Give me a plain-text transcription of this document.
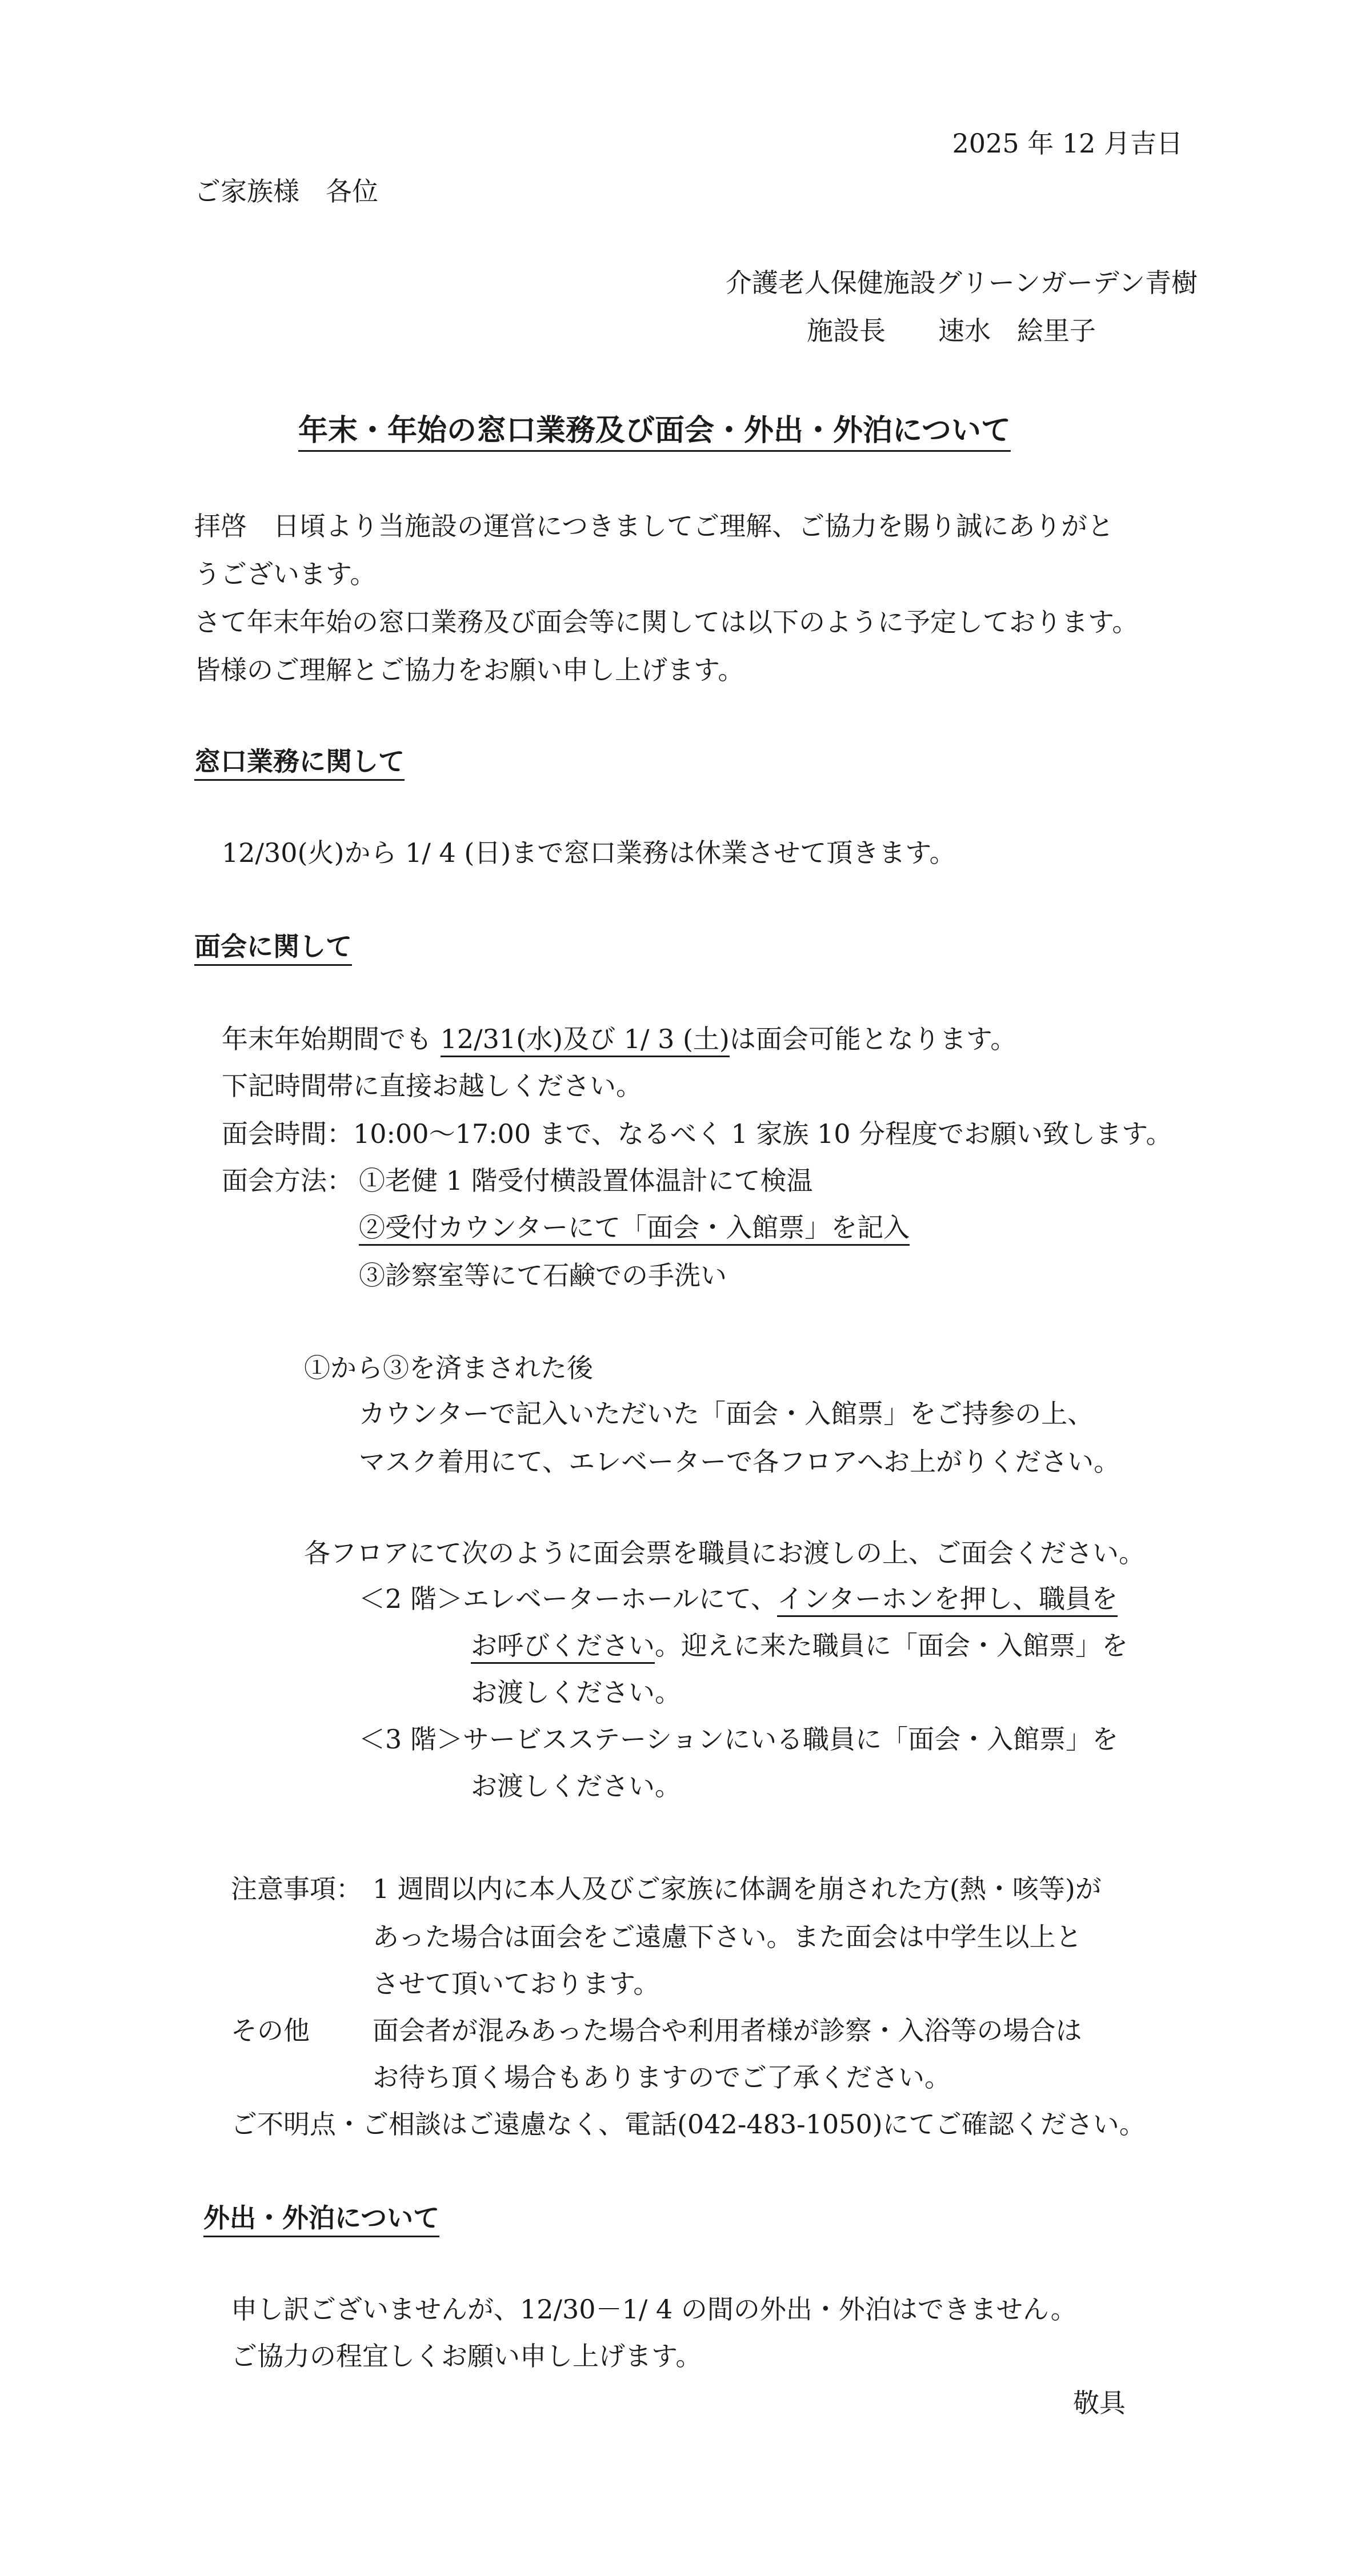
2025 年 12 月吉日
ご家族様　各位
介護老人保健施設グリーンガーデン青樹
施設長　　速水　絵里子
年末・年始の窓口業務及び面会・外出・外泊について
拝啓　日頃より当施設の運営につきましてご理解、ご協力を賜り誠にありがと
うございます。
さて年末年始の窓口業務及び面会等に関しては以下のように予定しております。
皆様のご理解とご協力をお願い申し上げます。
窓口業務に関して
12/30(火)から 1/ 4 (日)まで窓口業務は休業させて頂きます。
面会に関して
年末年始期間でも 12/31(水)及び 1/ 3 (土)は面会可能となります。
下記時間帯に直接お越しください。
面会時間：10:00～17:00 まで、なるべく 1 家族 10 分程度でお願い致します。
面会方法： ①老健 1 階受付横設置体温計にて検温
②受付カウンターにて「面会・入館票」を記入
③診察室等にて石鹸での手洗い
①から③を済まされた後
カウンターで記入いただいた「面会・入館票」をご持参の上、
マスク着用にて、エレベーターで各フロアへお上がりください。
各フロアにて次のように面会票を職員にお渡しの上、ご面会ください。
＜2 階＞エレベーターホールにて、インターホンを押し、職員を
お呼びください。迎えに来た職員に「面会・入館票」を
お渡しください。
＜3 階＞サービスステーションにいる職員に「面会・入館票」を
お渡しください。
注意事項： 1 週間以内に本人及びご家族に体調を崩された方(熱・咳等)が
あった場合は面会をご遠慮下さい。また面会は中学生以上と
させて頂いております。
その他 面会者が混みあった場合や利用者様が診察・入浴等の場合は
お待ち頂く場合もありますのでご了承ください。
ご不明点・ご相談はご遠慮なく、電話(042-483-1050)にてご確認ください。
外出・外泊について
申し訳ございませんが、12/30－1/ 4 の間の外出・外泊はできません。
ご協力の程宜しくお願い申し上げます。
敬具
